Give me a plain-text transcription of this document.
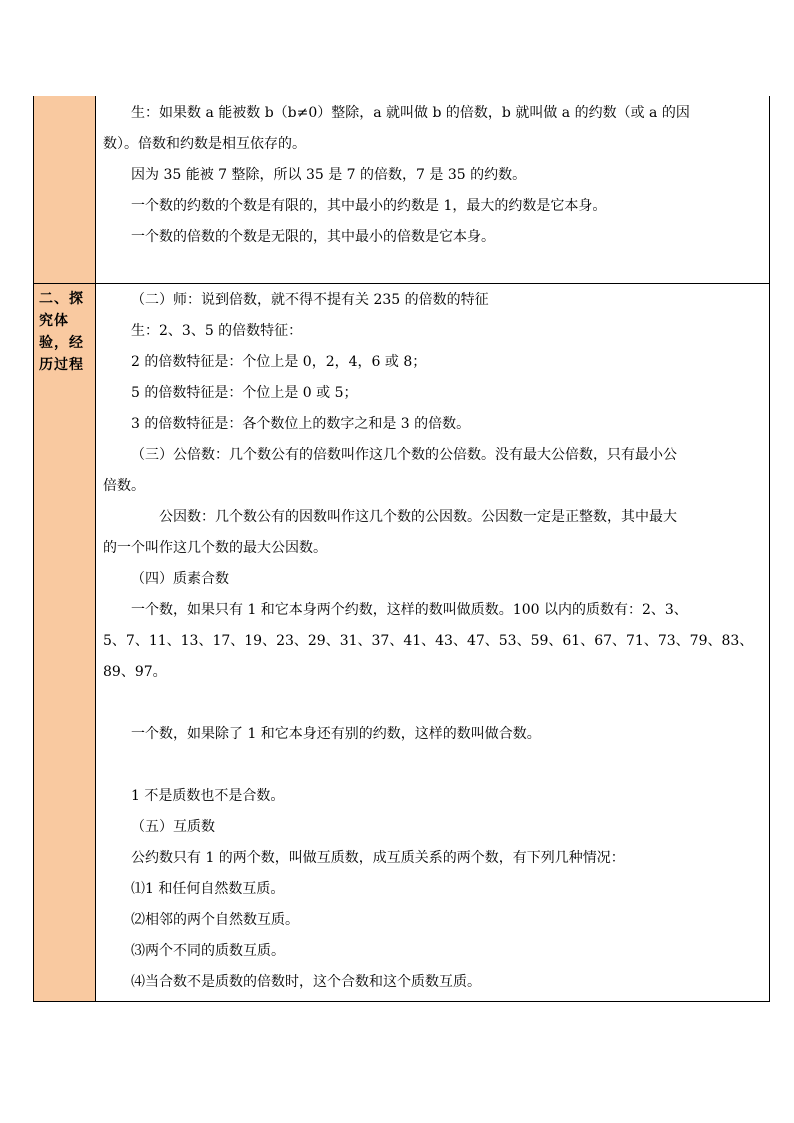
生：如果数 a 能被数 b（b≠0）整除，a 就叫做 b 的倍数，b 就叫做 a 的约数（或 a 的因

数）。倍数和约数是相互依存的。

因为 35 能被 7 整除，所以 35 是 7 的倍数，7 是 35 的约数。

一个数的约数的个数是有限的，其中最小的约数是 1，最大的约数是它本身。

一个数的倍数的个数是无限的，其中最小的倍数是它本身。

二、探究体验，经历过程

（二）师：说到倍数，就不得不提有关 235 的倍数的特征

生：2、3、5 的倍数特征：

2 的倍数特征是：个位上是 0，2，4，6 或 8；

5 的倍数特征是：个位上是 0 或 5；

3 的倍数特征是：各个数位上的数字之和是 3 的倍数。

（三）公倍数：几个数公有的倍数叫作这几个数的公倍数。没有最大公倍数，只有最小公

倍数。

公因数：几个数公有的因数叫作这几个数的公因数。公因数一定是正整数，其中最大

的一个叫作这几个数的最大公因数。

（四）质素合数

一个数，如果只有 1 和它本身两个约数，这样的数叫做质数。100 以内的质数有：2、3、

5、7、11、13、17、19、23、29、31、37、41、43、47、53、59、61、67、71、73、79、83、

89、97。

一个数，如果除了 1 和它本身还有别的约数，这样的数叫做合数。

1 不是质数也不是合数。

（五）互质数

公约数只有 1 的两个数，叫做互质数，成互质关系的两个数，有下列几种情况：

⑴1 和任何自然数互质。

⑵相邻的两个自然数互质。

⑶两个不同的质数互质。

⑷当合数不是质数的倍数时，这个合数和这个质数互质。
